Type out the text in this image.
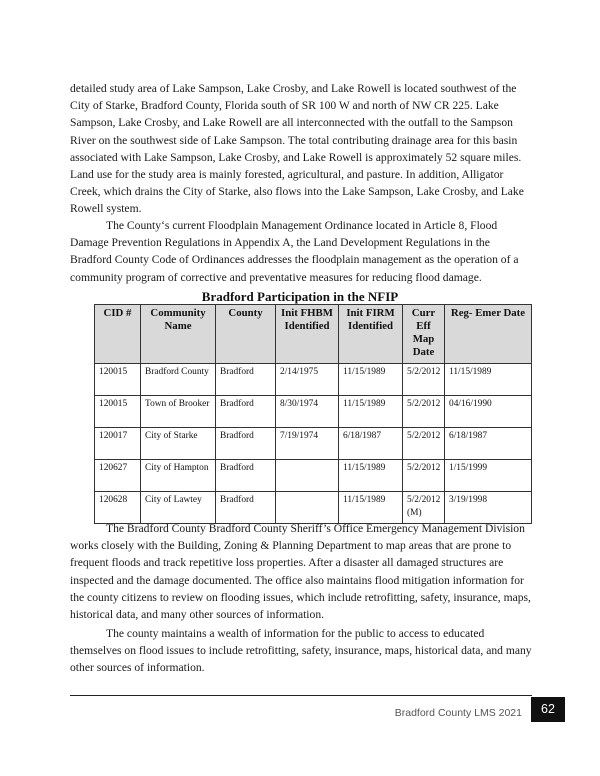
detailed study area of Lake Sampson, Lake Crosby, and Lake Rowell is located southwest of the City of Starke, Bradford County, Florida south of SR 100 W and north of NW CR 225. Lake Sampson, Lake Crosby, and Lake Rowell are all interconnected with the outfall to the Sampson River on the southwest side of Lake Sampson. The total contributing drainage area for this basin associated with Lake Sampson, Lake Crosby, and Lake Rowell is approximately 52 square miles. Land use for the study area is mainly forested, agricultural, and pasture. In addition, Alligator Creek, which drains the City of Starke, also flows into the Lake Sampson, Lake Crosby, and Lake Rowell system.

The County‘s current Floodplain Management Ordinance located in Article 8, Flood Damage Prevention Regulations in Appendix A, the Land Development Regulations in the Bradford County Code of Ordinances addresses the floodplain management as the operation of a community program of corrective and preventative measures for reducing flood damage.

Bradford Participation in the NFIP
CID #	Community Name	County	Init FHBM Identified	Init FIRM Identified	Curr Eff Map Date	Reg- Emer Date
120015	Bradford County	Bradford	2/14/1975	11/15/1989	5/2/2012	11/15/1989
120015	Town of Brooker	Bradford	8/30/1974	11/15/1989	5/2/2012	04/16/1990
120017	City of Starke	Bradford	7/19/1974	6/18/1987	5/2/2012	6/18/1987
120627	City of Hampton	Bradford		11/15/1989	5/2/2012	1/15/1999
120628	City of Lawtey	Bradford		11/15/1989	5/2/2012 (M)	3/19/1998

The Bradford County Bradford County Sheriff’s Office Emergency Management Division works closely with the Building, Zoning & Planning Department to map areas that are prone to frequent floods and track repetitive loss properties. After a disaster all damaged structures are inspected and the damage documented. The office also maintains flood mitigation information for the county citizens to review on flooding issues, which include retrofitting, safety, insurance, maps, historical data, and many other sources of information.

The county maintains a wealth of information for the public to access to educated themselves on flood issues to include retrofitting, safety, insurance, maps, historical data, and many other sources of information.

Bradford County LMS 2021	62
